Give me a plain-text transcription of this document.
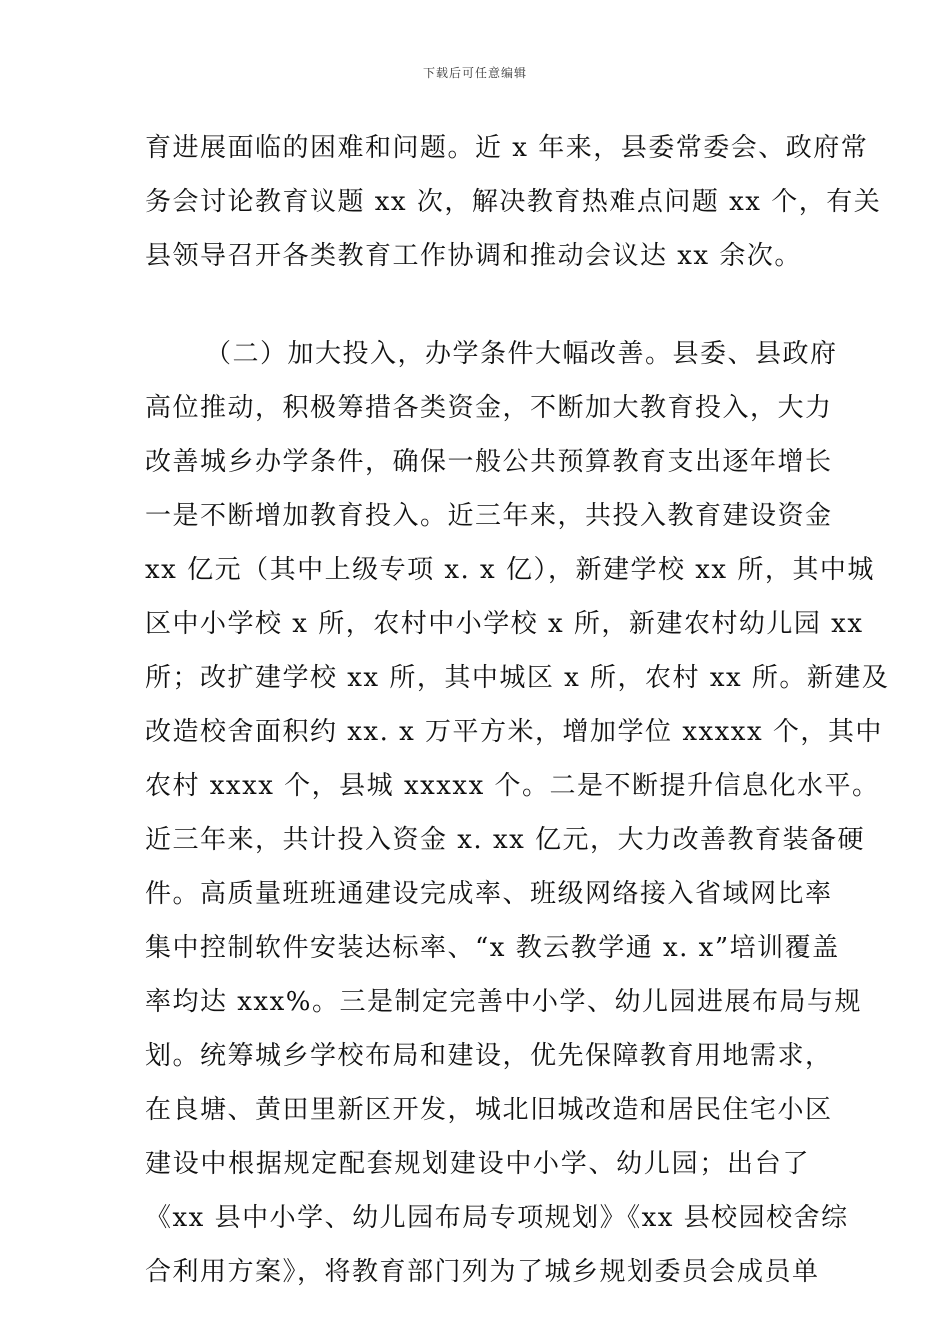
下载后可任意编辑
育进展面临的困难和问题。近 x 年来，县委常委会、政府常
务会讨论教育议题 xx 次，解决教育热难点问题 xx 个，有关
县领导召开各类教育工作协调和推动会议达 xx 余次。
（二）加大投入，办学条件大幅改善。县委、县政府
高位推动，积极筹措各类资金，不断加大教育投入，大力
改善城乡办学条件，确保一般公共预算教育支出逐年增长
一是不断增加教育投入。近三年来，共投入教育建设资金
xx 亿元（其中上级专项 x. x 亿），新建学校 xx 所，其中城
区中小学校 x 所，农村中小学校 x 所，新建农村幼儿园 xx
所；改扩建学校 xx 所，其中城区 x 所，农村 xx 所。新建及
改造校舍面积约 xx. x 万平方米，增加学位 xxxxx 个，其中
农村 xxxx 个，县城 xxxxx 个。二是不断提升信息化水平。
近三年来，共计投入资金 x. xx 亿元，大力改善教育装备硬
件。高质量班班通建设完成率、班级网络接入省域网比率
集中控制软件安装达标率、“x 教云教学通 x. x”培训覆盖
率均达 xxx%。三是制定完善中小学、幼儿园进展布局与规
划。统筹城乡学校布局和建设，优先保障教育用地需求，
在良塘、黄田里新区开发，城北旧城改造和居民住宅小区
建设中根据规定配套规划建设中小学、幼儿园；出台了
《xx 县中小学、幼儿园布局专项规划》《xx 县校园校舍综
合利用方案》，将教育部门列为了城乡规划委员会成员单
